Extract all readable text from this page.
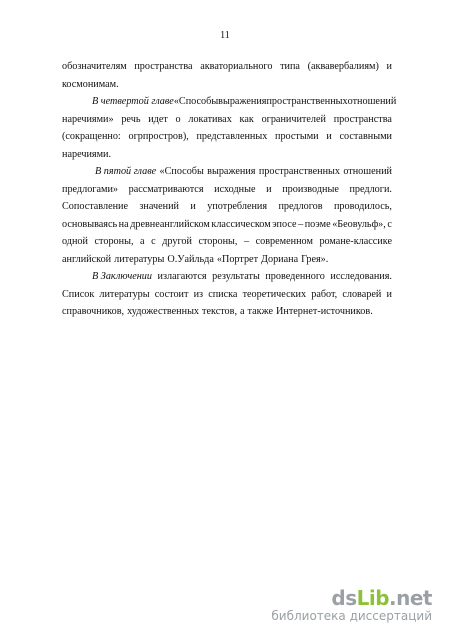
11
обозначителям пространства акваториального типа (аквавербалиям) и
космонимам.
В четвертой главе «Способы выражения пространственных отношений
наречиями» речь идет о локативах как ограничителей пространства
(сокращенно: огрпростров), представленных простыми и составными
наречиями.
В пятой главе «Способы выражения пространственных отношений
предлогами» рассматриваются исходные и производные предлоги.
Сопоставление значений и употребления предлогов проводилось,
основываясь на древнеанглийском классическом эпосе – поэме «Беовульф», с
одной стороны, а с другой стороны, – современном романе-классике
английской литературы О.Уайльда «Портрет Дориана Грея».
В Заключении излагаются результаты проведенного исследования.
Список литературы состоит из списка теоретических работ, словарей и
справочников, художественных текстов, а также Интернет-источников.
dsLib.net
библиотека диссертаций
